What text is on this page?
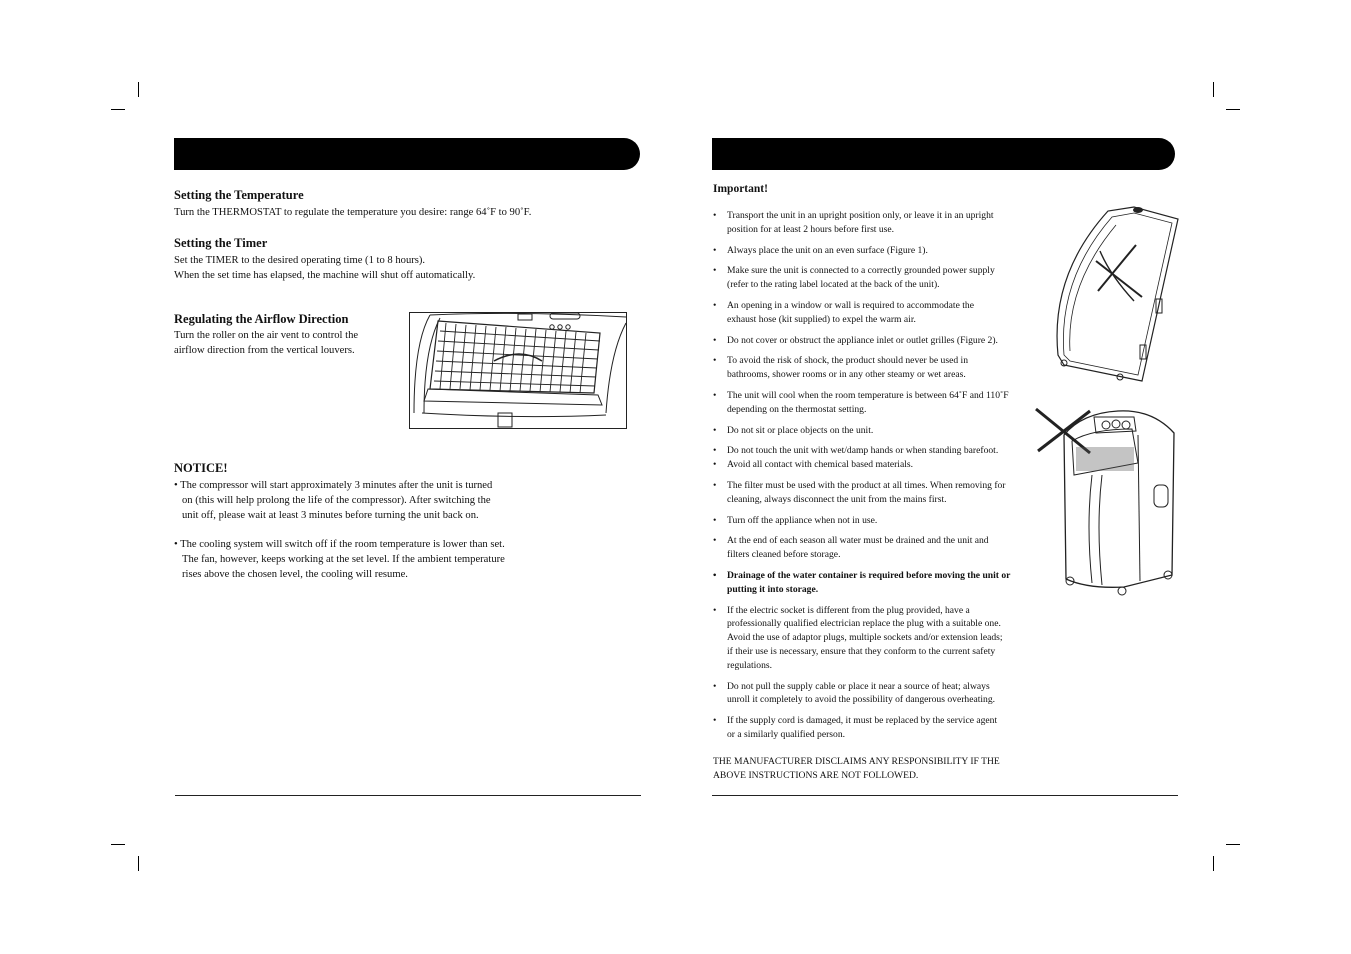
Setting the Temperature

Turn the THERMOSTAT to regulate the temperature you desire: range 64˚F to 90˚F.

Setting the Timer

Set the TIMER to the desired operating time (1 to 8 hours).

When the set time has elapsed, the machine will shut off automatically.

Regulating the Airflow Direction

Turn the roller on the air vent to control the

airflow direction from the vertical louvers.

NOTICE!

• The compressor will start approximately 3 minutes after the unit is turned

on (this will help prolong the life of the compressor). After switching the

unit off, please wait at least 3 minutes before turning the unit back on.

• The cooling system will switch off if the room temperature is lower than set.

The fan, however, keeps working at the set level. If the ambient temperature

rises above the chosen level, the cooling will resume.

Important!
• Transport the unit in an upright position only, or leave it in an upright
position for at least 2 hours before first use.
• Always place the unit on an even surface (Figure 1).
• Make sure the unit is connected to a correctly grounded power supply
(refer to the rating label located at the back of the unit).
• An opening in a window or wall is required to accommodate the
exhaust hose (kit supplied) to expel the warm air.
• Do not cover or obstruct the appliance inlet or outlet grilles (Figure 2).
• To avoid the risk of shock, the product should never be used in
bathrooms, shower rooms or in any other steamy or wet areas.
• The unit will cool when the room temperature is between 64˚F and 110˚F
depending on the thermostat setting.
• Do not sit or place objects on the unit.
• Do not touch the unit with wet/damp hands or when standing barefoot.
• Avoid all contact with chemical based materials.
• The filter must be used with the product at all times. When removing for
cleaning, always disconnect the unit from the mains first.
• Turn off the appliance when not in use.
• At the end of each season all water must be drained and the unit and
filters cleaned before storage.
• Drainage of the water container is required before moving the unit or
putting it into storage.
• If the electric socket is different from the plug provided, have a
professionally qualified electrician replace the plug with a suitable one.
Avoid the use of adaptor plugs, multiple sockets and/or extension leads;
if their use is necessary, ensure that they conform to the current safety
regulations.
• Do not pull the supply cable or place it near a source of heat; always
unroll it completely to avoid the possibility of dangerous overheating.
• If the supply cord is damaged, it must be replaced by the service agent
or a similarly qualified person.
THE MANUFACTURER DISCLAIMS ANY RESPONSIBILITY IF THE
ABOVE INSTRUCTIONS ARE NOT FOLLOWED.
